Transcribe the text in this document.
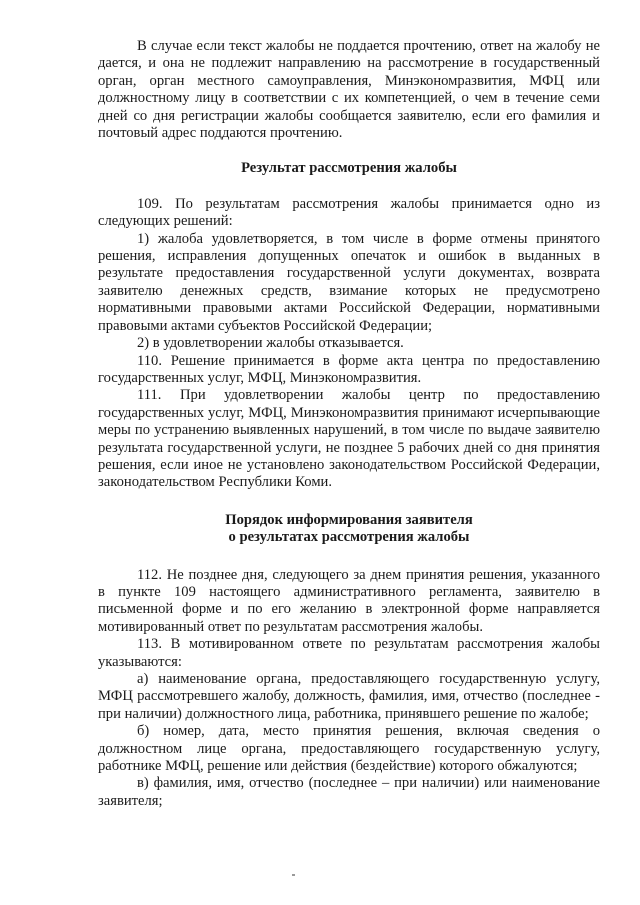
В случае если текст жалобы не поддается прочтению, ответ на жалобу не дается, и она не подлежит направлению на рассмотрение в государственный орган, орган местного самоуправления, Минэкономразвития, МФЦ или должностному лицу в соответствии с их компетенцией, о чем в течение семи дней со дня регистрации жалобы сообщается заявителю, если его фамилия и почтовый адрес поддаются прочтению.

Результат рассмотрения жалобы

109. По результатам рассмотрения жалобы принимается одно из следующих решений:

1) жалоба удовлетворяется, в том числе в форме отмены принятого решения, исправления допущенных опечаток и ошибок в выданных в результате предоставления государственной услуги документах, возврата заявителю денежных средств, взимание которых не предусмотрено нормативными правовыми актами Российской Федерации, нормативными правовыми актами субъектов Российской Федерации;

2) в удовлетворении жалобы отказывается.

110. Решение принимается в форме акта центра по предоставлению государственных услуг, МФЦ, Минэкономразвития.

111. При удовлетворении жалобы центр по предоставлению государственных услуг, МФЦ, Минэкономразвития принимают исчерпывающие меры по устранению выявленных нарушений, в том числе по выдаче заявителю результата государственной услуги, не позднее 5 рабочих дней со дня принятия решения, если иное не установлено законодательством Российской Федерации, законодательством Республики Коми.

Порядок информирования заявителя

о результатах рассмотрения жалобы

112. Не позднее дня, следующего за днем принятия решения, указанного в пункте 109 настоящего административного регламента, заявителю в письменной форме и по его желанию в электронной форме направляется мотивированный ответ по результатам рассмотрения жалобы.

113. В мотивированном ответе по результатам рассмотрения жалобы указываются:

а) наименование органа, предоставляющего государственную услугу, МФЦ рассмотревшего жалобу, должность, фамилия, имя, отчество (последнее - при наличии) должностного лица, работника, принявшего решение по жалобе;

б) номер, дата, место принятия решения, включая сведения о должностном лице органа, предоставляющего государственную услугу, работнике МФЦ, решение или действия (бездействие) которого обжалуются;

в) фамилия, имя, отчество (последнее – при наличии) или наименование заявителя;
